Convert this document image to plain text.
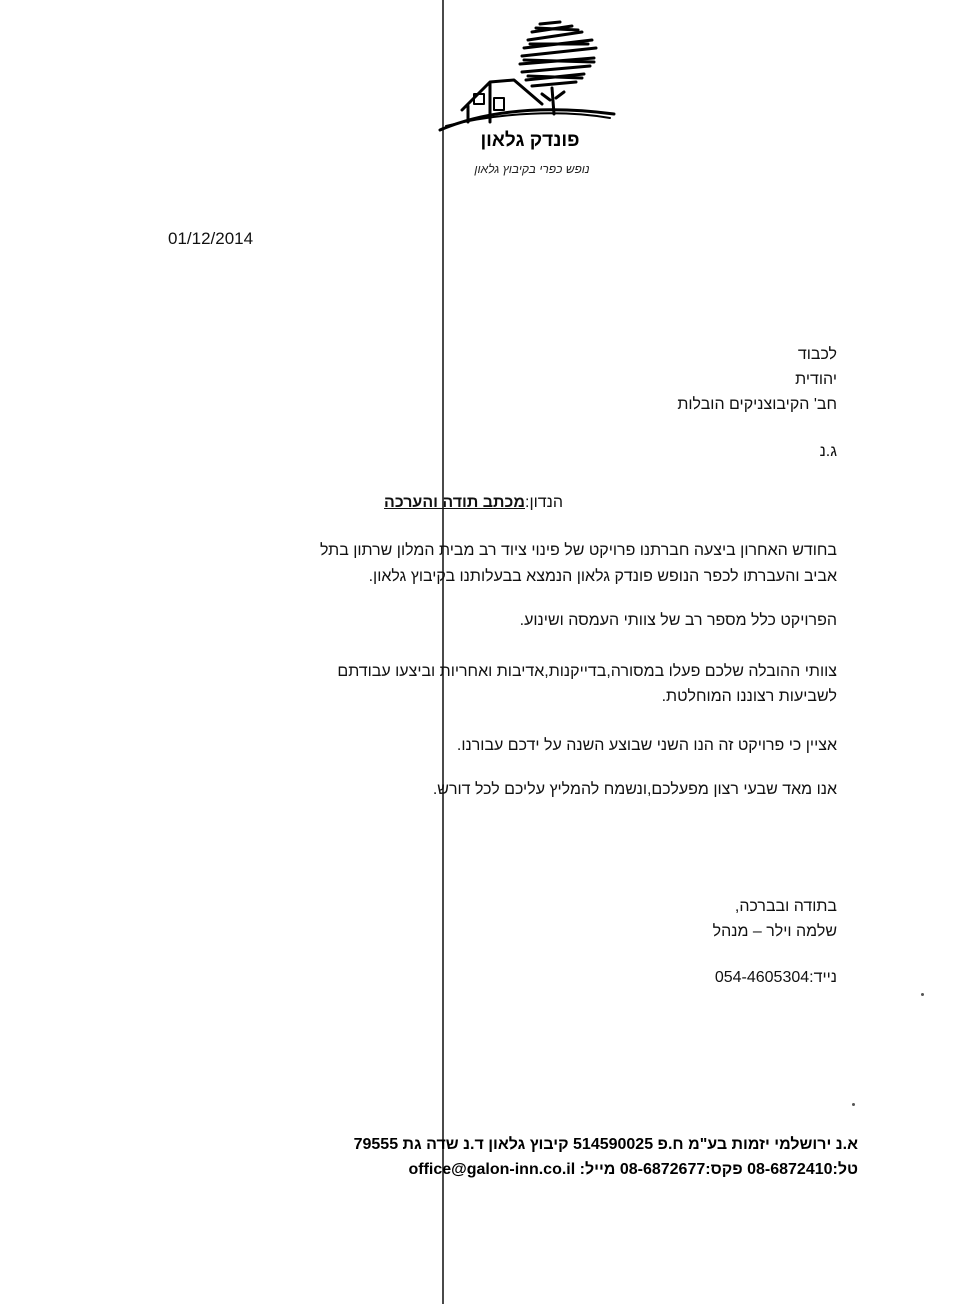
פונדק גלאון
נופש כפרי בקיבוץ גלאון
01/12/2014
לכבוד
יהודית
חב' הקיבוצניקים הובלות
ג.נ
הנדון:מכתב תודה והערכה
בחודש האחרון ביצעה חברתנו פרויקט של פינוי ציוד רב מבית המלון שרתון בתל
אביב והעברתו לכפר הנופש פונדק גלאון הנמצא בבעלותנו בקיבוץ גלאון.
הפרויקט כלל מספר רב של צוותי העמסה ושינוע.
צוותי ההובלה שלכם פעלו במסורה,בדייקנות,אדיבות ואחריות וביצעו עבודתם
לשביעות רצוננו המוחלטת.
אציין כי פרויקט זה הנו השני שבוצע השנה על ידכם עבורנו.
אנו מאד שבעי רצון מפעלכם,ונשמח להמליץ עליכם לכל דורש.
בתודה ובברכה,
שלמה וילר – מנהל
נייד:054-4605304
א.נ ירושלמי יזמות בע"מ ח.פ 514590025 קיבוץ גלאון ד.נ שדה גת 79555
טל:08-6872410 פקס:08-6872677 מייל: office@galon-inn.co.il
